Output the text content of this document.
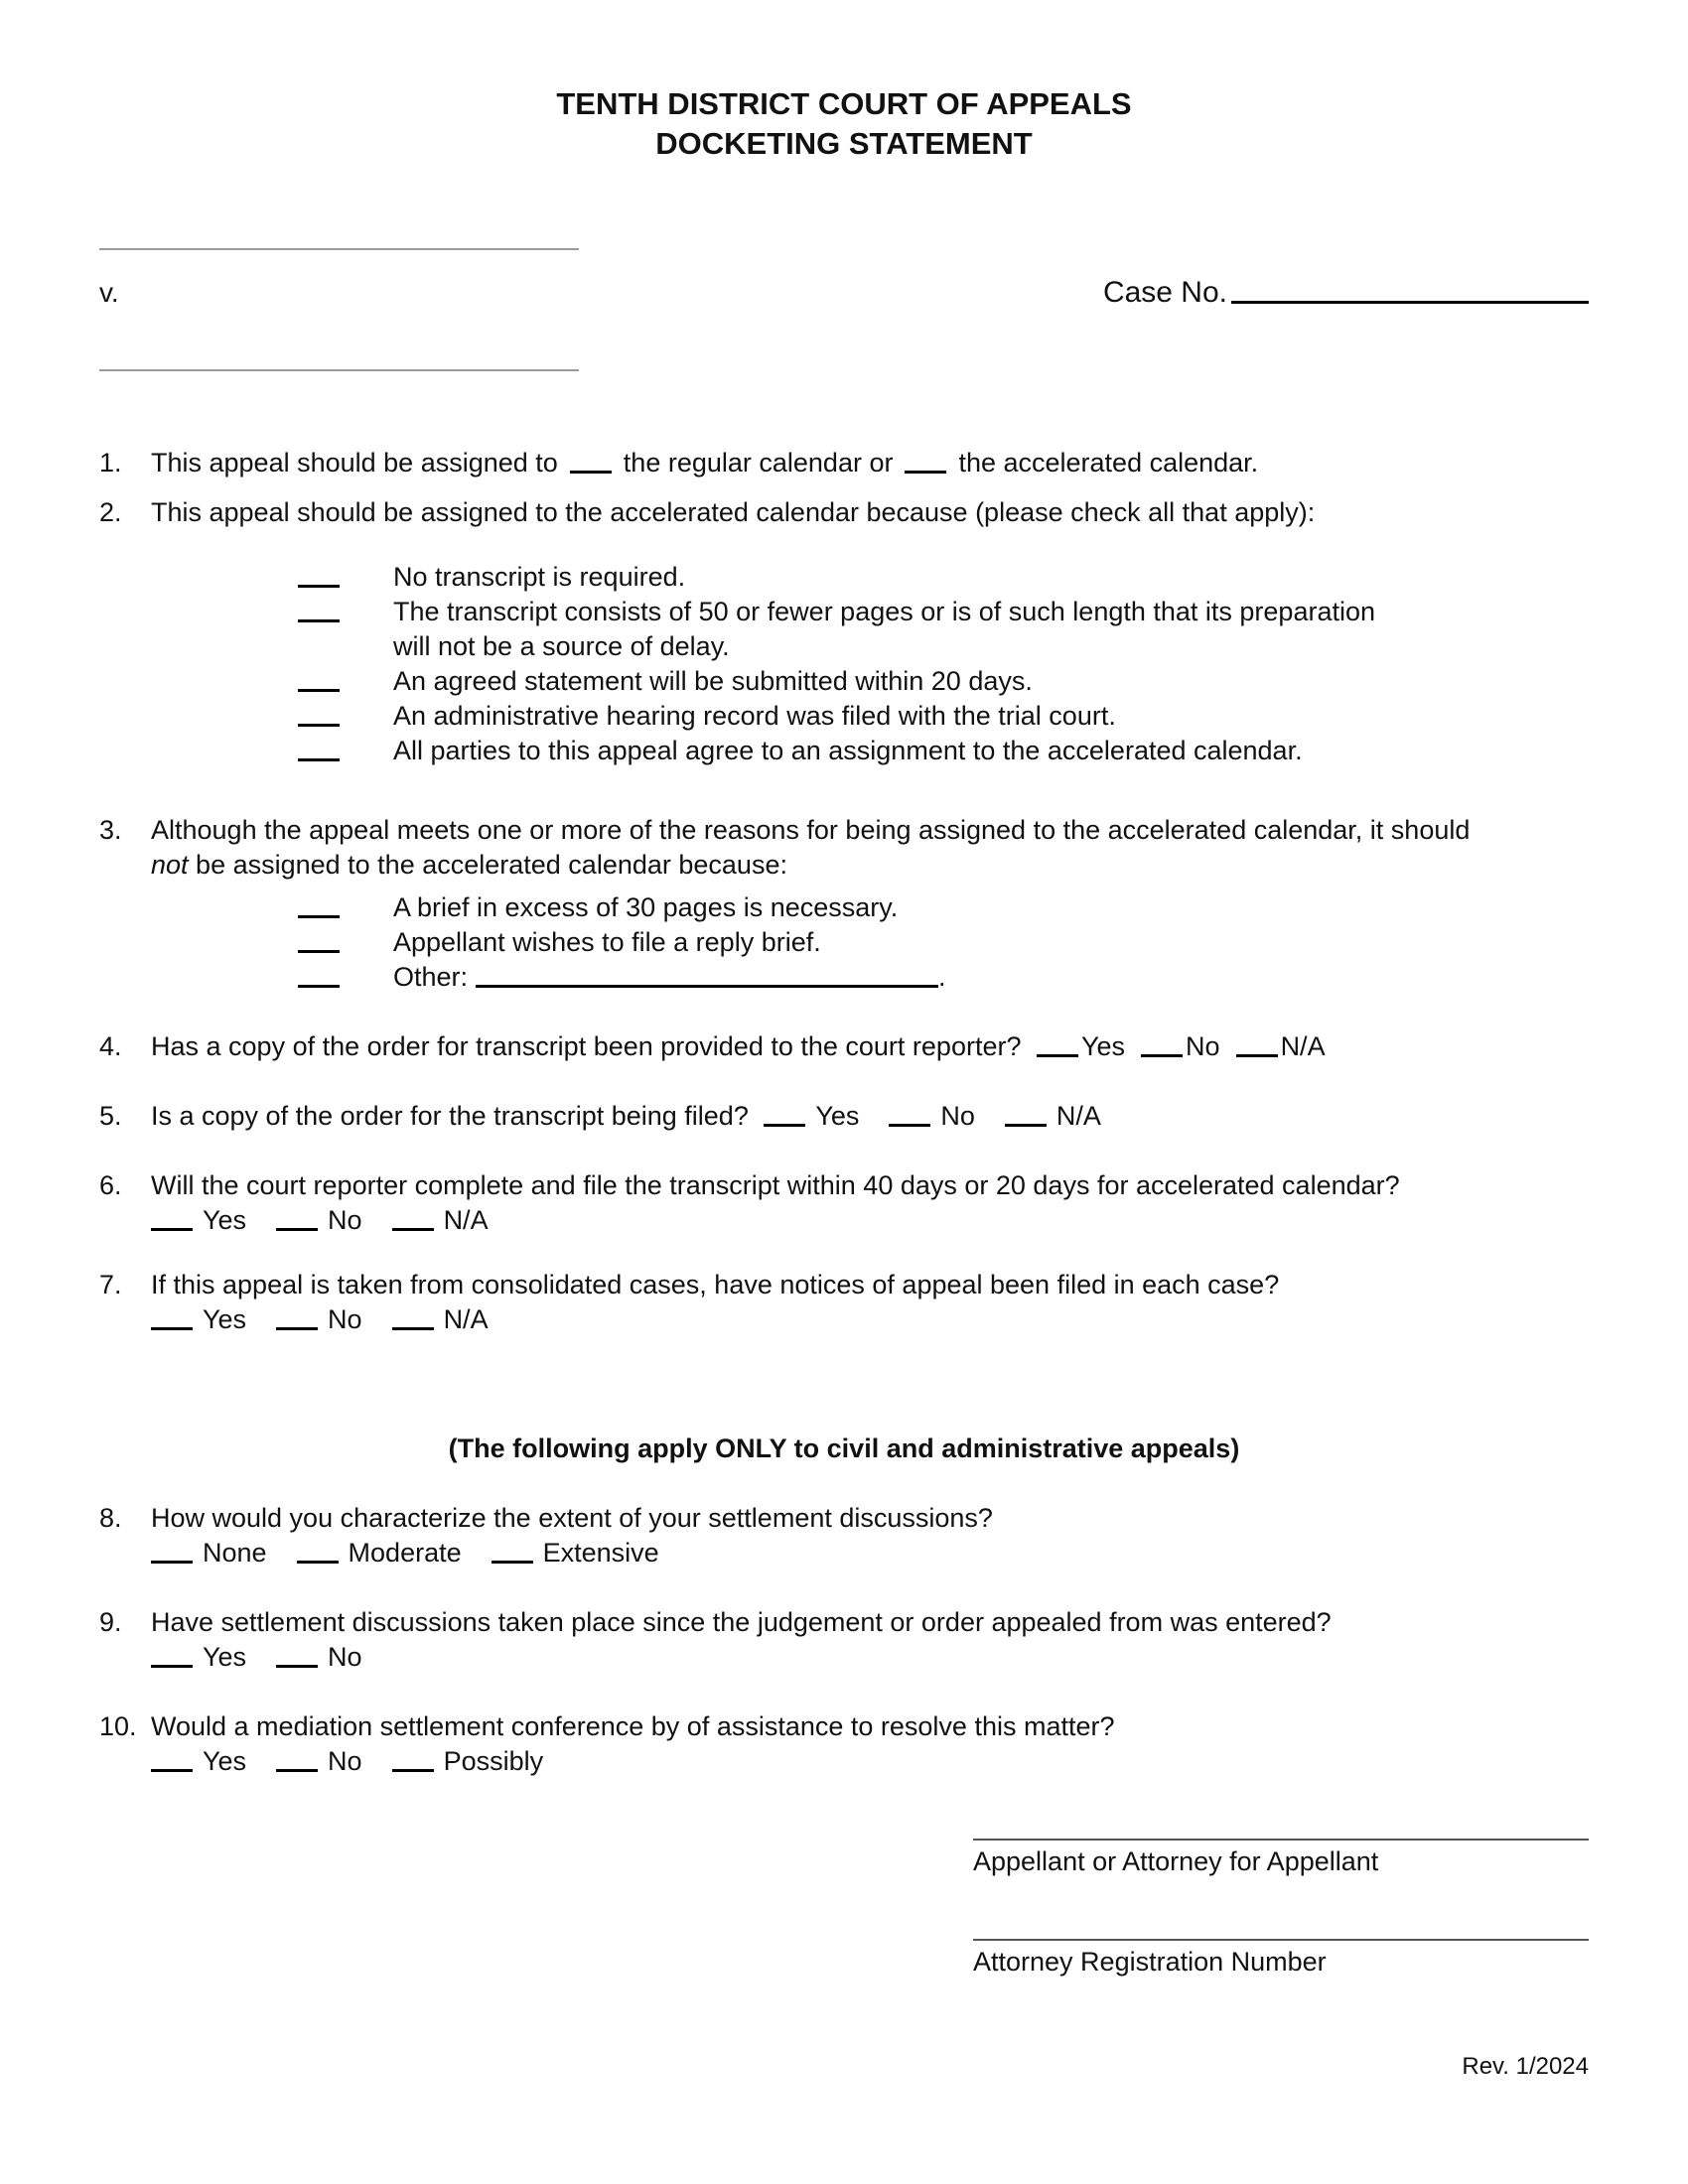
TENTH DISTRICT COURT OF APPEALS
DOCKETING STATEMENT
v.	Case No.
1.	This appeal should be assigned to the regular calendar or the accelerated calendar.
2.	This appeal should be assigned to the accelerated calendar because (please check all that apply):
No transcript is required.
The transcript consists of 50 or fewer pages or is of such length that its preparation will not be a source of delay.
An agreed statement will be submitted within 20 days.
An administrative hearing record was filed with the trial court.
All parties to this appeal agree to an assignment to the accelerated calendar.
3.	Although the appeal meets one or more of the reasons for being assigned to the accelerated calendar, it should not be assigned to the accelerated calendar because:
A brief in excess of 30 pages is necessary.
Appellant wishes to file a reply brief.
Other:	.
4.	Has a copy of the order for transcript been provided to the court reporter? Yes No N/A
5.	Is a copy of the order for the transcript being filed?	Yes	No	N/A
6.	Will the court reporter complete and file the transcript within 40 days or 20 days for accelerated calendar?
Yes	No	N/A
7.	If this appeal is taken from consolidated cases, have notices of appeal been filed in each case?
Yes	No	N/A
(The following apply ONLY to civil and administrative appeals)
8.	How would you characterize the extent of your settlement discussions?
None	Moderate	Extensive
9.	Have settlement discussions taken place since the judgement or order appealed from was entered?
Yes	No
10. Would a mediation settlement conference by of assistance to resolve this matter?
Yes	No	Possibly
Appellant or Attorney for Appellant
Attorney Registration Number
Rev. 1/2024
